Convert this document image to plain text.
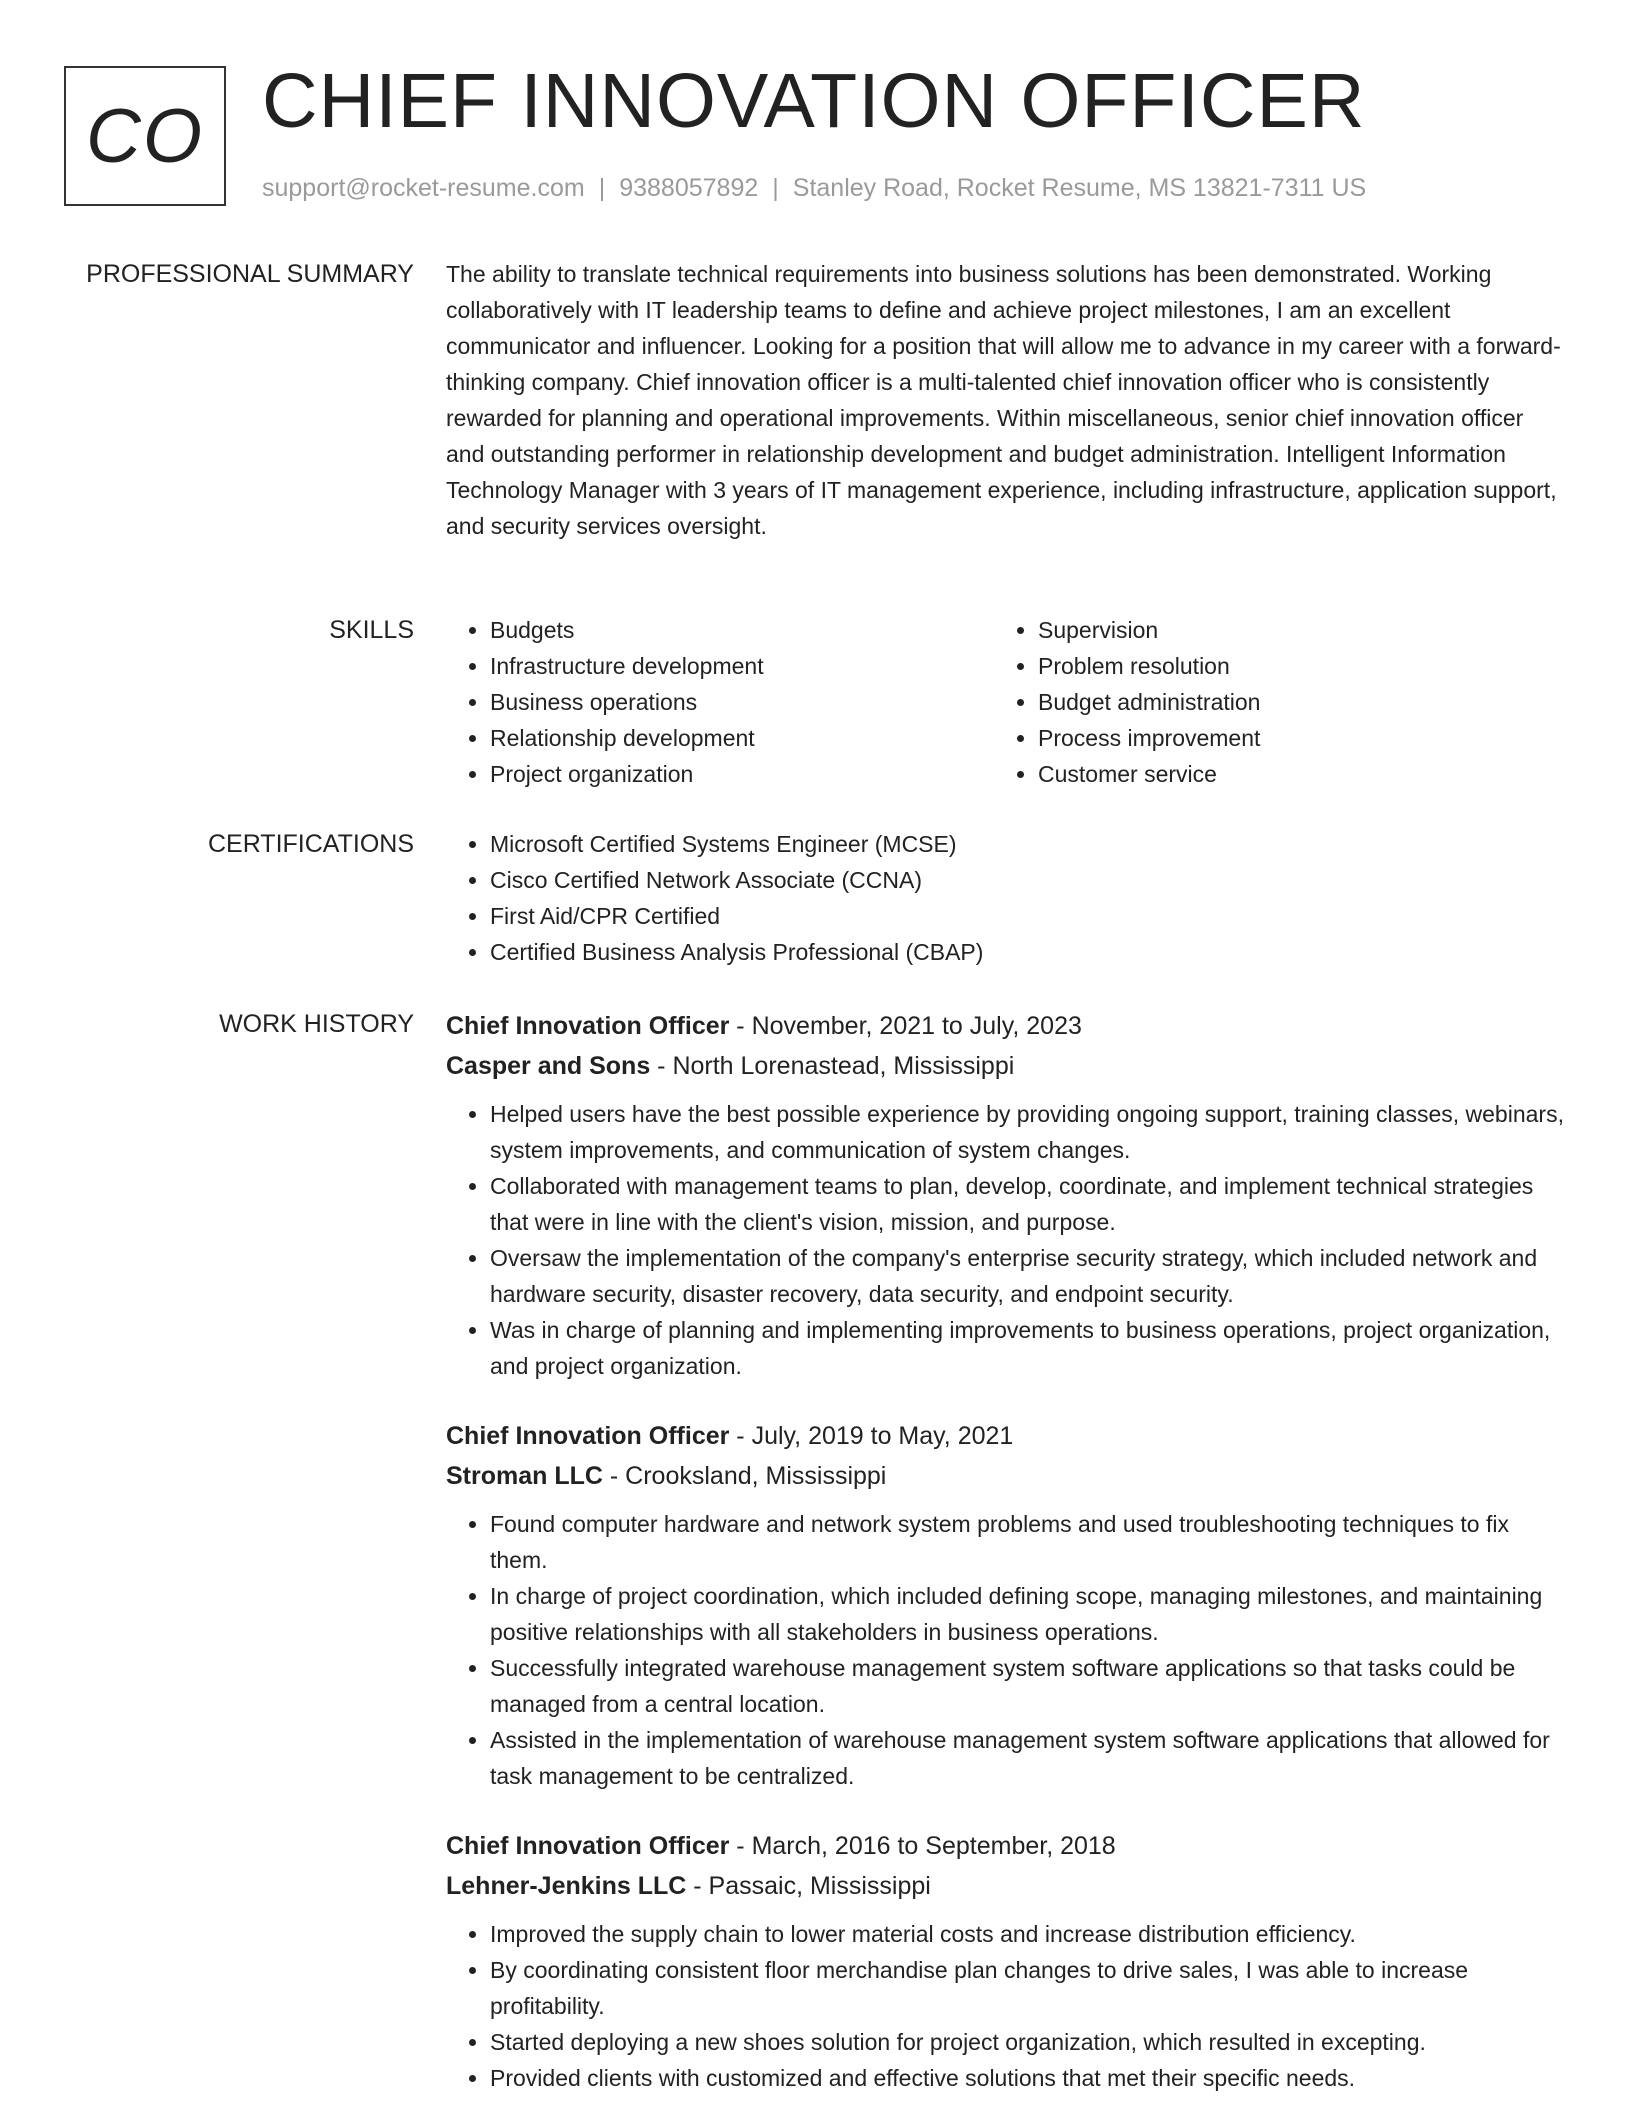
CO CHIEF INNOVATION OFFICER
support@rocket-resume.com | 9388057892 | Stanley Road, Rocket Resume, MS 13821-7311 US
PROFESSIONAL SUMMARY The ability to translate technical requirements into business solutions has been demonstrated. Working collaboratively with IT leadership teams to define and achieve project milestones, I am an excellent communicator and influencer. Looking for a position that will allow me to advance in my career with a forward-thinking company. Chief innovation officer is a multi-talented chief innovation officer who is consistently rewarded for planning and operational improvements. Within miscellaneous, senior chief innovation officer and outstanding performer in relationship development and budget administration. Intelligent Information Technology Manager with 3 years of IT management experience, including infrastructure, application support, and security services oversight.
SKILLS	• Budgets
• Infrastructure development
• Business operations
• Relationship development
• Project organization
• Supervision
• Problem resolution
• Budget administration
• Process improvement
• Customer service
CERTIFICATIONS	• Microsoft Certified Systems Engineer (MCSE)
• Cisco Certified Network Associate (CCNA)
• First Aid/CPR Certified
• Certified Business Analysis Professional (CBAP)
WORK HISTORY Chief Innovation Officer - November, 2021 to July, 2023
Casper and Sons - North Lorenastead, Mississippi
• Helped users have the best possible experience by providing ongoing support, training classes, webinars, system improvements, and communication of system changes.
• Collaborated with management teams to plan, develop, coordinate, and implement technical strategies that were in line with the client's vision, mission, and purpose.
• Oversaw the implementation of the company's enterprise security strategy, which included network and hardware security, disaster recovery, data security, and endpoint security.
• Was in charge of planning and implementing improvements to business operations, project organization, and project organization.
Chief Innovation Officer - July, 2019 to May, 2021
Stroman LLC - Crooksland, Mississippi
• Found computer hardware and network system problems and used troubleshooting techniques to fix them.
• In charge of project coordination, which included defining scope, managing milestones, and maintaining positive relationships with all stakeholders in business operations.
• Successfully integrated warehouse management system software applications so that tasks could be managed from a central location.
• Assisted in the implementation of warehouse management system software applications that allowed for task management to be centralized.
Chief Innovation Officer - March, 2016 to September, 2018
Lehner-Jenkins LLC - Passaic, Mississippi
• Improved the supply chain to lower material costs and increase distribution efficiency.
• By coordinating consistent floor merchandise plan changes to drive sales, I was able to increase profitability.
• Started deploying a new shoes solution for project organization, which resulted in excepting.
• Provided clients with customized and effective solutions that met their specific needs.
